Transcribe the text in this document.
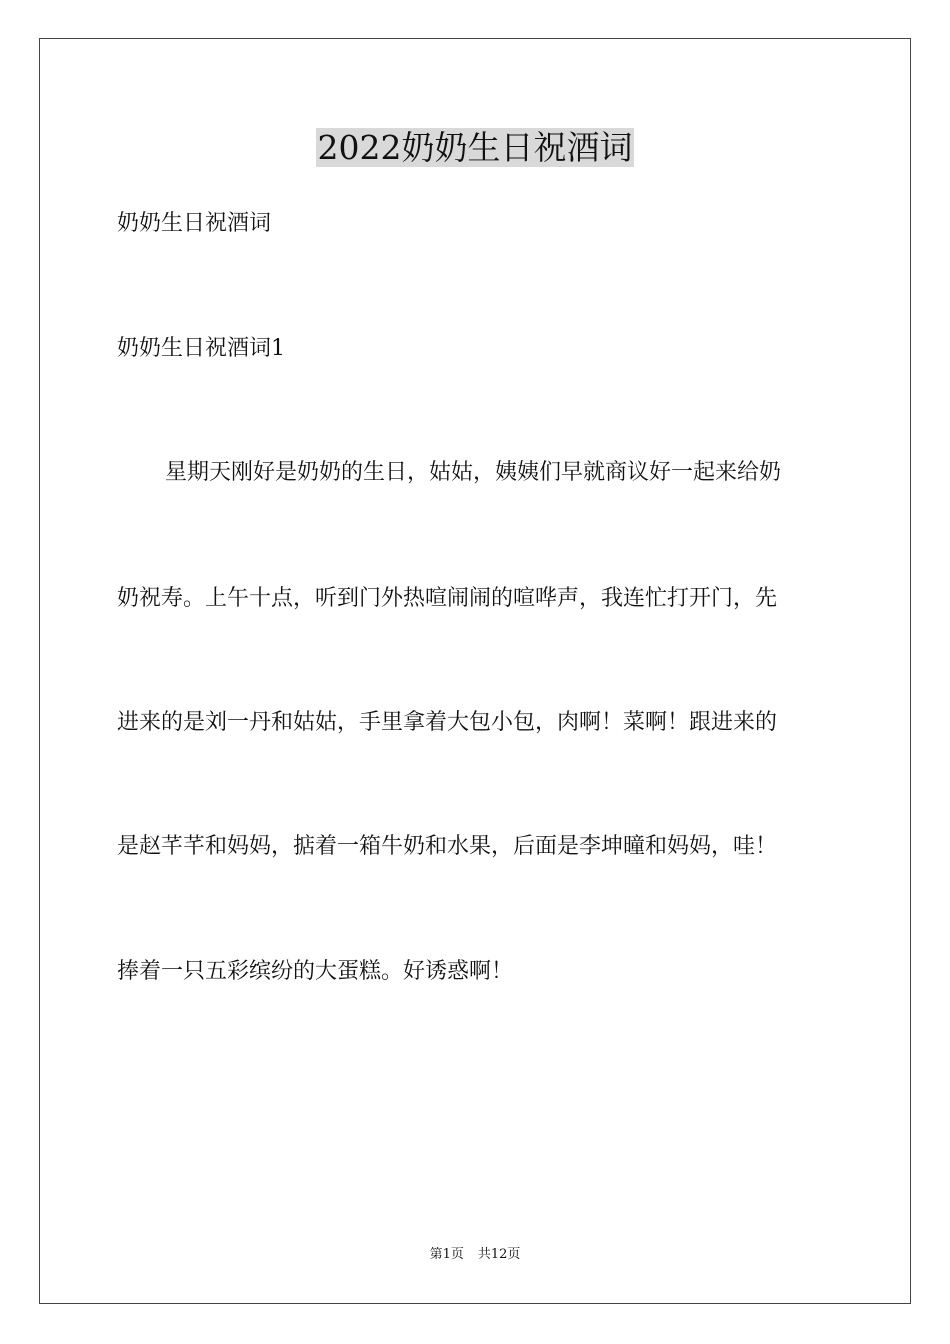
2022奶奶生日祝酒词
奶奶生日祝酒词
奶奶生日祝酒词1
星期天刚好是奶奶的生日，姑姑，姨姨们早就商议好一起来给奶
奶祝寿。上午十点，听到门外热喧闹闹的喧哗声，我连忙打开门，先
进来的是刘一丹和姑姑，手里拿着大包小包，肉啊！菜啊！跟进来的
是赵芊芊和妈妈，掂着一箱牛奶和水果，后面是李坤曈和妈妈，哇！
捧着一只五彩缤纷的大蛋糕。好诱惑啊！
第1页 共12页
